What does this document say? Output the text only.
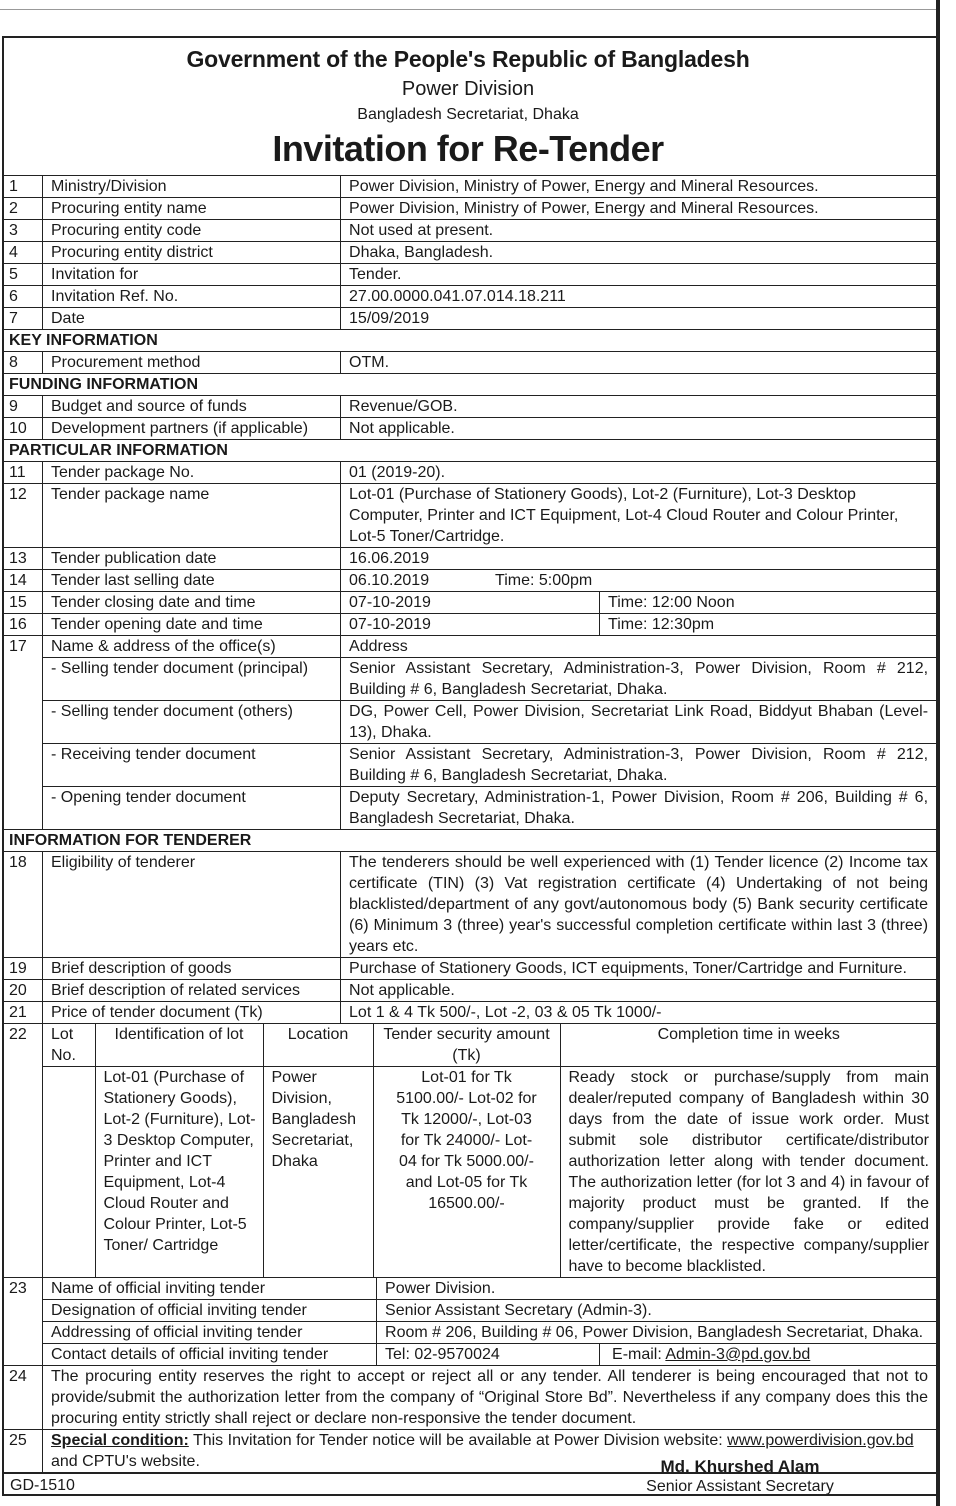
Government of the People's Republic of Bangladesh
Power Division
Bangladesh Secretariat, Dhaka
Invitation for Re-Tender
1	Ministry/Division	Power Division, Ministry of Power, Energy and Mineral Resources.
2	Procuring entity name	Power Division, Ministry of Power, Energy and Mineral Resources.
3	Procuring entity code	Not used at present.
4	Procuring entity district	Dhaka, Bangladesh.
5	Invitation for	Tender.
6	Invitation Ref. No.	27.00.0000.041.07.014.18.211
7	Date	15/09/2019
KEY INFORMATION
8	Procurement method	OTM.
FUNDING INFORMATION
9	Budget and source of funds	Revenue/GOB.
10	Development partners (if applicable)	Not applicable.
PARTICULAR INFORMATION
11	Tender package No.	01 (2019-20).
12	Tender package name	Lot-01 (Purchase of Stationery Goods), Lot-2 (Furniture), Lot-3 Desktop Computer, Printer and ICT Equipment, Lot-4 Cloud Router and Colour Printer, Lot-5 Toner/Cartridge.
13	Tender publication date	16.06.2019
14	Tender last selling date	06.10.2019	Time: 5:00pm

15	Tender closing date and time	07-10-2019	Time: 12:00 Noon
16	Tender opening date and time	07-10-2019	Time: 12:30pm
17	Name & address of the office(s)	Address
- Selling tender document (principal)	Senior Assistant Secretary, Administration-3, Power Division, Room # 212, Building # 6, Bangladesh Secretariat, Dhaka.
- Selling tender document (others)	DG, Power Cell, Power Division, Secretariat Link Road, Biddyut Bhaban (Level-13), Dhaka.
- Receiving tender document	Senior Assistant Secretary, Administration-3, Power Division, Room # 212, Building # 6, Bangladesh Secretariat, Dhaka.
- Opening tender document	Deputy Secretary, Administration-1, Power Division, Room # 206, Building # 6, Bangladesh Secretariat, Dhaka.
INFORMATION FOR TENDERER
18	Eligibility of tenderer	The tenderers should be well experienced with (1) Tender licence (2) Income tax certificate (TIN) (3) Vat registration certificate (4) Undertaking of not being blacklisted/department of any govt/autonomous body (5) Bank security certificate (6) Minimum 3 (three) year's successful completion certificate within last 3 (three) years etc.
19	Brief description of goods	Purchase of Stationery Goods, ICT equipments, Toner/Cartridge and Furniture.
20	Brief description of related services	Not applicable.
21	Price of tender document (Tk)	Lot 1 & 4 Tk 500/-, Lot -2, 03 & 05 Tk 1000/-
22	Lot No.	Identification of lot	Location	Tender security amount (Tk)	Completion time in weeks
	Lot-01 (Purchase of Stationery Goods), Lot-2 (Furniture), Lot-3 Desktop Computer, Printer and ICT Equipment, Lot-4 Cloud Router and Colour Printer, Lot-5 Toner/ Cartridge	Power Division, Bangladesh Secretariat, Dhaka	Lot-01 for Tk 5100.00/- Lot-02 for Tk 12000/-, Lot-03 for Tk 24000/- Lot-04 for Tk 5000.00/- and Lot-05 for Tk 16500.00/-	Ready stock or purchase/supply from main dealer/reputed company of Bangladesh within 30 days from the date of issue work order. Must submit sole distributor certificate/distributor authorization letter along with tender document. The authorization letter (for lot 3 and 4) in favour of majority product must be granted. If the company/supplier provide fake or edited letter/certificate, the respective company/supplier have to become blacklisted.

23	Name of official inviting tender	Power Division.
Designation of official inviting tender	Senior Assistant Secretary (Admin-3).
Addressing of official inviting tender	Room # 206, Building # 06, Power Division, Bangladesh Secretariat, Dhaka.
Contact details of official inviting tender	Tel: 02-9570024	E-mail: Admin-3@pd.gov.bd
24	The procuring entity reserves the right to accept or reject all or any tender. All tenderer is being encouraged that not to provide/submit the authorization letter from the company of “Original Store Bd”. Nevertheless if any company does this the procuring entity strictly shall reject or declare non-responsive the tender document.
25	Special condition: This Invitation for Tender notice will be available at Power Division website: www.powerdivision.gov.bd
and CPTU's website.
GD-1510
Md. Khurshed Alam
Senior Assistant Secretary
